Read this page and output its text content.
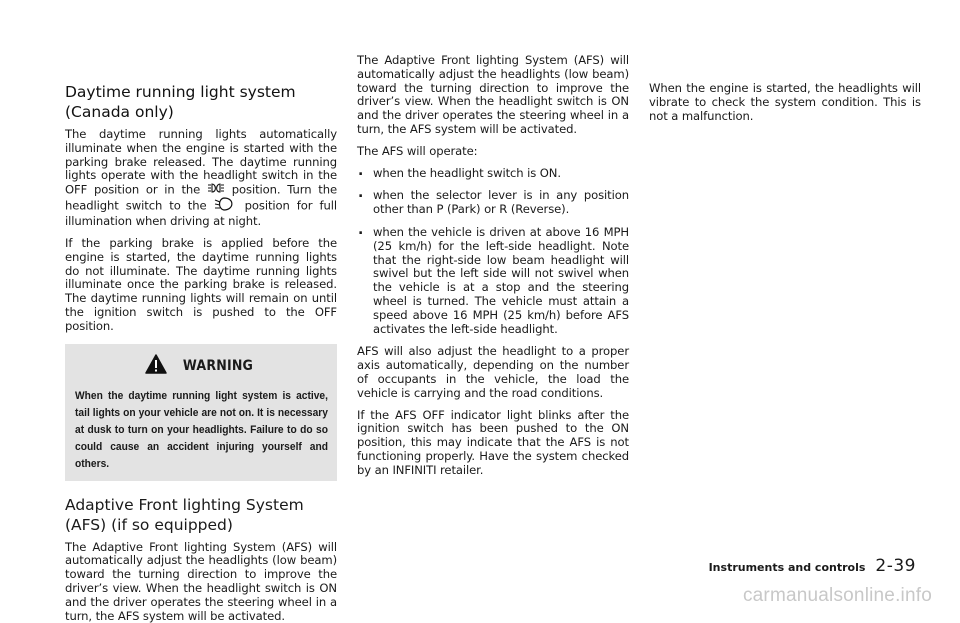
Daytime running light system (Canada only)

The daytime running lights automatically illuminate when the engine is started with the parking brake released. The daytime running lights operate with the headlight switch in the OFF position or in the	position. Turn the headlight switch to the	position for full illumination when driving at night.

If the parking brake is applied before the engine is started, the daytime running lights do not illuminate. The daytime running lights illuminate once the parking brake is released. The daytime running lights will remain on until the ignition switch is pushed to the OFF position.

WARNING

When the daytime running light system is active, tail lights on your vehicle are not on. It is necessary at dusk to turn on your headlights. Failure to do so could cause an accident injuring yourself and others.

Adaptive Front lighting System (AFS) (if so equipped)

The Adaptive Front lighting System (AFS) will automatically adjust the headlights (low beam) toward the turning direction to improve the driver’s view. When the headlight switch is ON and the driver operates the steering wheel in a turn, the AFS system will be activated.

The Adaptive Front lighting System (AFS) will automatically adjust the headlights (low beam) toward the turning direction to improve the driver’s view. When the headlight switch is ON and the driver operates the steering wheel in a turn, the AFS system will be activated.

The AFS will operate:

. when the headlight switch is ON.
. when the selector lever is in any position other than P (Park) or R (Reverse).
. when the vehicle is driven at above 16 MPH (25 km/h) for the left-side headlight. Note that the right-side low beam headlight will swivel but the left side will not swivel when the vehicle is at a stop and the steering wheel is turned. The vehicle must attain a speed above 16 MPH (25 km/h) before AFS activates the left-side headlight.

AFS will also adjust the headlight to a proper axis automatically, depending on the number of occupants in the vehicle, the load the vehicle is carrying and the road conditions.

If the AFS OFF indicator light blinks after the ignition switch has been pushed to the ON position, this may indicate that the AFS is not functioning properly. Have the system checked by an INFINITI retailer.

When the engine is started, the headlights will vibrate to check the system condition. This is not a malfunction.

Instruments and controls 2-39
carmanualsonline.info
